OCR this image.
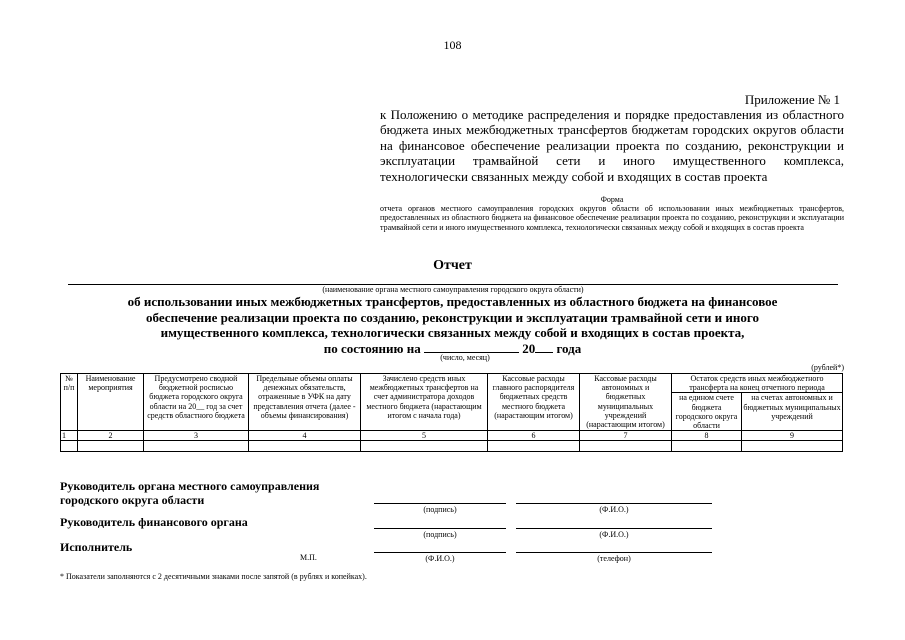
108
Приложение № 1
к Положению о методике распределения и порядке предоставления из областного бюджета иных межбюджетных трансфертов бюджетам городских округов области на финансовое обеспечение реализации проекта по созданию, реконструкции и эксплуатации трамвайной сети и иного имущественного комплекса, технологически связанных между собой и входящих в состав проекта
Форма
отчета органов местного самоуправления городских округов области об использовании иных межбюджетных трансфертов, предоставленных из областного бюджета на финансовое обеспечение реализации проекта по созданию, реконструкции и эксплуатации трамвайной сети и иного имущественного комплекса, технологически связанных между собой и входящих в состав проекта
Отчет
(наименование органа местного самоуправления городского округа области)
об использовании иных межбюджетных трансфертов, предоставленных из областного бюджета на финансовое
обеспечение реализации проекта по созданию, реконструкции и эксплуатации трамвайной сети и иного
имущественного комплекса, технологически связанных между собой и входящих в состав проекта,
по состоянию на	20 года
(число, месяц)
(рублей*)
№ п/п	Наименование мероприятия	Предусмотрено сводной бюджетной росписью бюджета городского округа области на 20__ год за счет средств областного бюджета	Предельные объемы оплаты денежных обязательств, отраженные в УФК на дату представления отчета (далее - объемы финансирования)	Зачислено средств иных межбюджетных трансфертов на счет администратора доходов местного бюджета (нарастающим итогом с начала года)	Кассовые расходы главного распорядителя бюджетных средств местного бюджета (нарастающим итогом)	Кассовые расходы автономных и бюджетных муниципальных учреждений (нарастающим итогом)	Остаток средств иных межбюджетного трансферта на конец отчетного периода	
							на едином счете бюджета городского округа области	на счетах автономных и бюджетных муниципальных учреждений
1	2	3	4	5	6	7	8	9

Руководитель органа местного самоуправления городского округа области
(подпись)	(Ф.И.О.)
Руководитель финансового органа
(подпись)	(Ф.И.О.)
Исполнитель
М.П.	(Ф.И.О.)	(телефон)
* Показатели заполняются с 2 десятичными знаками после запятой (в рублях и копейках).
